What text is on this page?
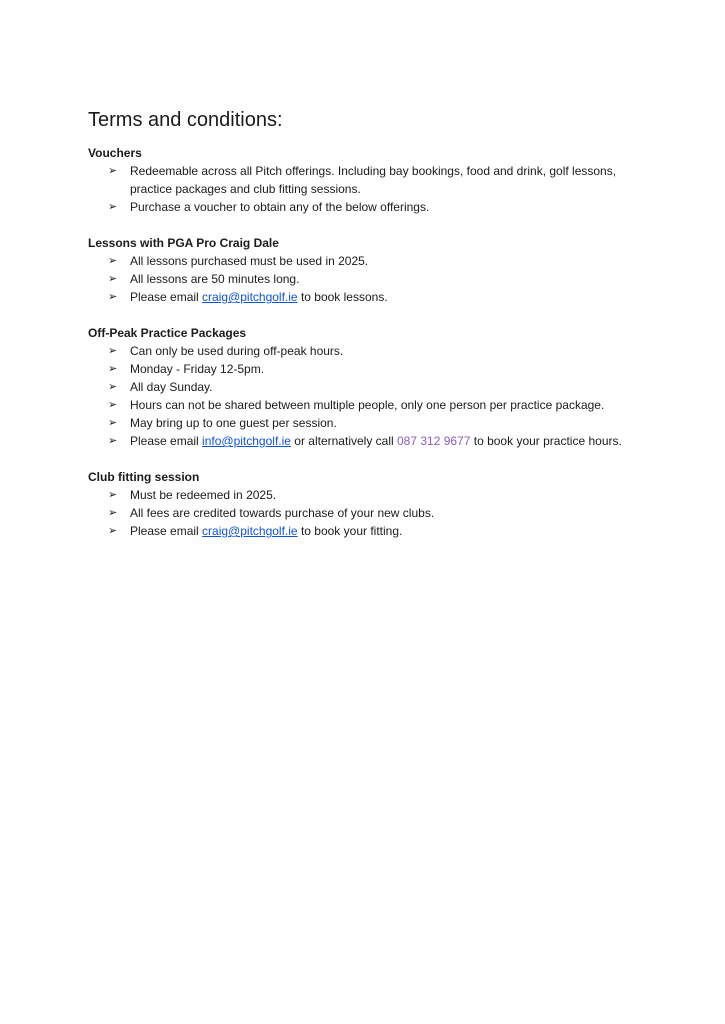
Terms and conditions:
Vouchers
➢ Redeemable across all Pitch offerings. Including bay bookings, food and drink, golf lessons, practice packages and club fitting sessions.
➢ Purchase a voucher to obtain any of the below offerings.
Lessons with PGA Pro Craig Dale
➢ All lessons purchased must be used in 2025.
➢ All lessons are 50 minutes long.
➢ Please email craig@pitchgolf.ie to book lessons.
Off-Peak Practice Packages
➢ Can only be used during off-peak hours.
➢ Monday - Friday 12-5pm.
➢ All day Sunday.
➢ Hours can not be shared between multiple people, only one person per practice package.
➢ May bring up to one guest per session.
➢ Please email info@pitchgolf.ie or alternatively call 087 312 9677 to book your practice hours.
Club fitting session
➢ Must be redeemed in 2025.
➢ All fees are credited towards purchase of your new clubs.
➢ Please email craig@pitchgolf.ie to book your fitting.
